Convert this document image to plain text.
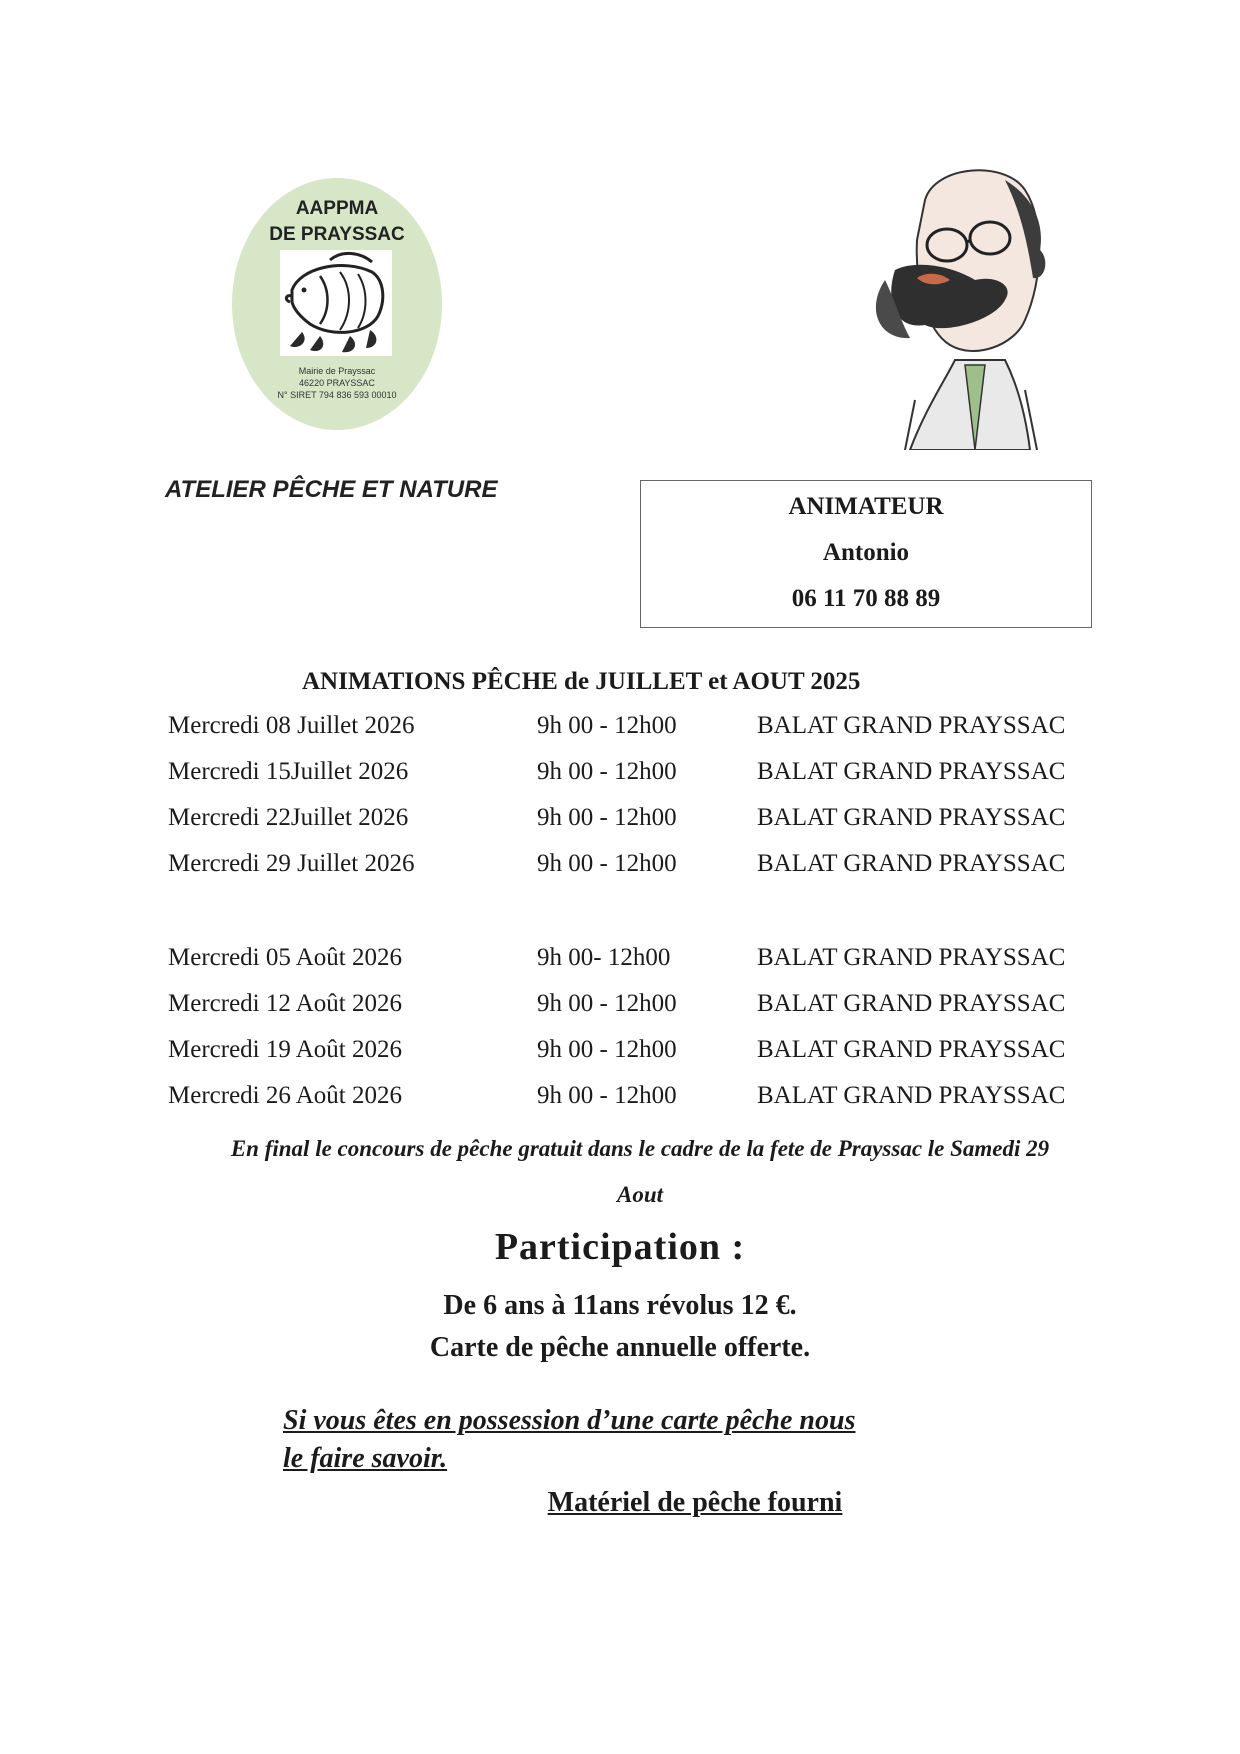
AAPPMA
DE PRAYSSAC
Mairie de Prayssac
46220 PRAYSSAC
N° SIRET 794 836 593 00010
ATELIER PÊCHE ET NATURE
ANIMATEUR
Antonio
06 11 70 88 89
ANIMATIONS PÊCHE de JUILLET et AOUT 2025
Mercredi 08 Juillet 2026	9h 00 - 12h00	BALAT GRAND PRAYSSAC
Mercredi 15Juillet 2026	9h 00 - 12h00	BALAT GRAND PRAYSSAC
Mercredi 22Juillet 2026	9h 00 - 12h00	BALAT GRAND PRAYSSAC
Mercredi 29 Juillet 2026	9h 00 - 12h00	BALAT GRAND PRAYSSAC
Mercredi 05 Août 2026	9h 00- 12h00	BALAT GRAND PRAYSSAC
Mercredi 12 Août 2026	9h 00 - 12h00	BALAT GRAND PRAYSSAC
Mercredi 19 Août 2026	9h 00 - 12h00	BALAT GRAND PRAYSSAC
Mercredi 26 Août 2026	9h 00 - 12h00	BALAT GRAND PRAYSSAC
En final le concours de pêche gratuit dans le cadre de la fete de Prayssac le Samedi 29
Aout
Participation :
De 6 ans à 11ans révolus 12 €.
Carte de pêche annuelle offerte.
Si vous êtes en possession d’une carte pêche nous
le faire savoir.
Matériel de pêche fourni
